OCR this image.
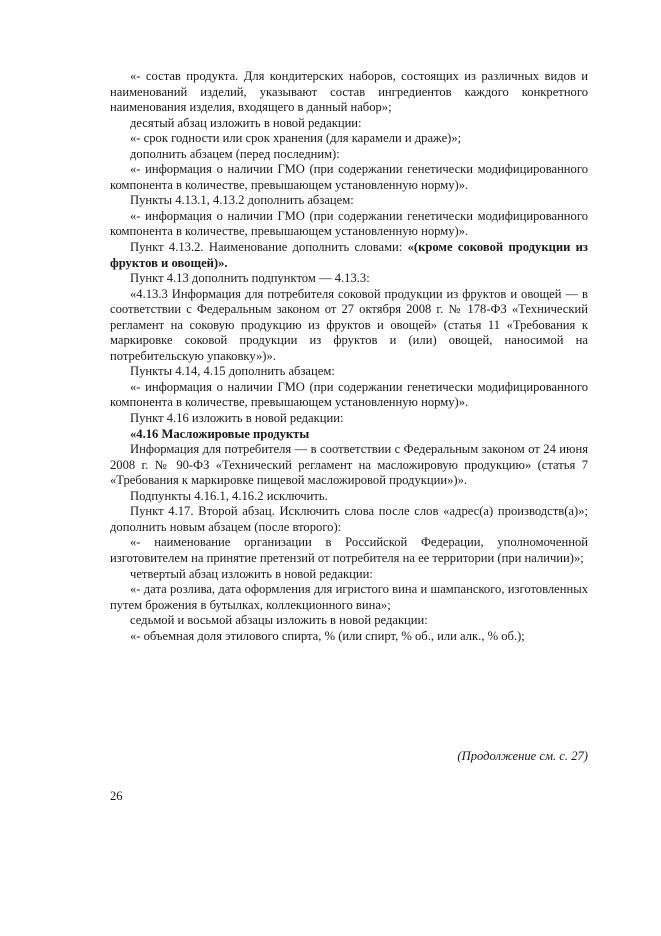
«- состав продукта. Для кондитерских наборов, состоящих из различных видов и наименований изделий, указывают состав ингредиентов каждого конкретного наименования изделия, входящего в данный набор»;

десятый абзац изложить в новой редакции:

«- срок годности или срок хранения (для карамели и драже)»;

дополнить абзацем (перед последним):

«- информация о наличии ГМО (при содержании генетически модифицированного компонента в количестве, превышающем установленную норму)».

Пункты 4.13.1, 4.13.2 дополнить абзацем:

«- информация о наличии ГМО (при содержании генетически модифицированного компонента в количестве, превышающем установленную норму)».

Пункт 4.13.2. Наименование дополнить словами: «(кроме соковой продукции из фруктов и овощей)».

Пункт 4.13 дополнить подпунктом — 4.13.3:

«4.13.3 Информация для потребителя соковой продукции из фруктов и овощей — в соответствии с Федеральным законом от 27 октября 2008 г. № 178-ФЗ «Технический регламент на соковую продукцию из фруктов и овощей» (статья 11 «Требования к маркировке соковой продукции из фруктов и (или) овощей, наносимой на потребительскую упаковку»)».

Пункты 4.14, 4.15 дополнить абзацем:

«- информация о наличии ГМО (при содержании генетически модифицированного компонента в количестве, превышающем установленную норму)».

Пункт 4.16 изложить в новой редакции:

«4.16 Масложировые продукты

Информация для потребителя — в соответствии с Федеральным законом от 24 июня 2008 г. № 90-ФЗ «Технический регламент на масложировую продукцию» (статья 7 «Требования к маркировке пищевой масложировой продукции»)».

Подпункты 4.16.1, 4.16.2 исключить.

Пункт 4.17. Второй абзац. Исключить слова после слов «адрес(а) производств(а)»; дополнить новым абзацем (после второго):

«- наименование организации в Российской Федерации, уполномоченной изготовителем на принятие претензий от потребителя на ее территории (при наличии)»;

четвертый абзац изложить в новой редакции:

«- дата розлива, дата оформления для игристого вина и шампанского, изготовленных путем брожения в бутылках, коллекционного вина»;

седьмой и восьмой абзацы изложить в новой редакции:

«- объемная доля этилового спирта, % (или спирт, % об., или алк., % об.);

(Продолжение см. с. 27)
26
